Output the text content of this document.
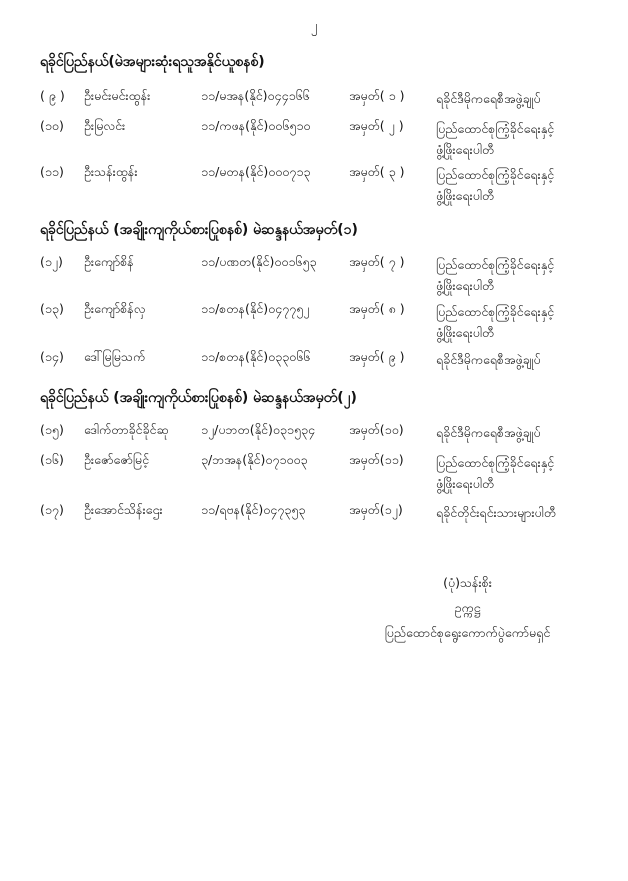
၂
ရခိုင်ပြည်နယ်(မဲအများဆုံးရသူအနိုင်ယူစနစ်)
( ၉ ) ဦးမင်းမင်းထွန်း	၁၁/မအန(နိုင်)၀၄၄၁၆၆	အမှတ်( ၁ )	ရခိုင်ဒီမိုကရေစီအဖွဲ့ချုပ်
(၁၀) ဦးမြလင်း	၁၁/ကဖန(နိုင်)၀၀၆၅၁၀	အမှတ်( ၂ )	ပြည်ထောင်စုကြံ့ခိုင်ရေးနှင့်
ဖွံ့ဖြိုးရေးပါတီ
(၁၁) ဦးသန်းထွန်း	၁၁/မတန(နိုင်)၀၀၀၇၁၃	အမှတ်( ၃ )	ပြည်ထောင်စုကြံ့ခိုင်ရေးနှင့်
ဖွံ့ဖြိုးရေးပါတီ
ရခိုင်ပြည်နယ် (အချိုးကျကိုယ်စားပြုစနစ်) မဲဆန္ဒနယ်အမှတ်(၁)
(၁၂) ဦးကျော်စိန်	၁၁/ပဏတ(နိုင်)၀၀၁၆၅၃	အမှတ်( ၇ )	ပြည်ထောင်စုကြံ့ခိုင်ရေးနှင့်
ဖွံ့ဖြိုးရေးပါတီ
(၁၃) ဦးကျော်စိန်လှ	၁၁/စတန(နိုင်)၀၄၇၇၅၂	အမှတ်( ၈ )	ပြည်ထောင်စုကြံ့ခိုင်ရေးနှင့်
ဖွံ့ဖြိုးရေးပါတီ
(၁၄) ဒေါ်မြမြသက်	၁၁/စတန(နိုင်)၀၃၃၀၆၆	အမှတ်( ၉ )	ရခိုင်ဒီမိုကရေစီအဖွဲ့ချုပ်
ရခိုင်ပြည်နယ် (အချိုးကျကိုယ်စားပြုစနစ်) မဲဆန္ဒနယ်အမှတ်(၂)
(၁၅) ဒေါက်တာခိုင်ခိုင်ဆု	၁၂/ပဘတ(နိုင်)၀၃၁၅၃၄	အမှတ်(၁၀)	ရခိုင်ဒီမိုကရေစီအဖွဲ့ချုပ်
(၁၆) ဦးဇော်ဇော်မြင့်	၃/ဘအန(နိုင်)၀၇၁၀၀၃	အမှတ်(၁၁)	ပြည်ထောင်စုကြံ့ခိုင်ရေးနှင့်
ဖွံ့ဖြိုးရေးပါတီ
(၁၇) ဦးအောင်သိန်းဌေး	၁၁/ရဗန(နိုင်)၀၄၇၃၅၃	အမှတ်(၁၂)	ရခိုင်တိုင်းရင်းသားများပါတီ
(ပုံ)သန်းစိုး
ဥက္ကဋ္ဌ
ပြည်ထောင်စုရွေးကောက်ပွဲကော်မရှင်
